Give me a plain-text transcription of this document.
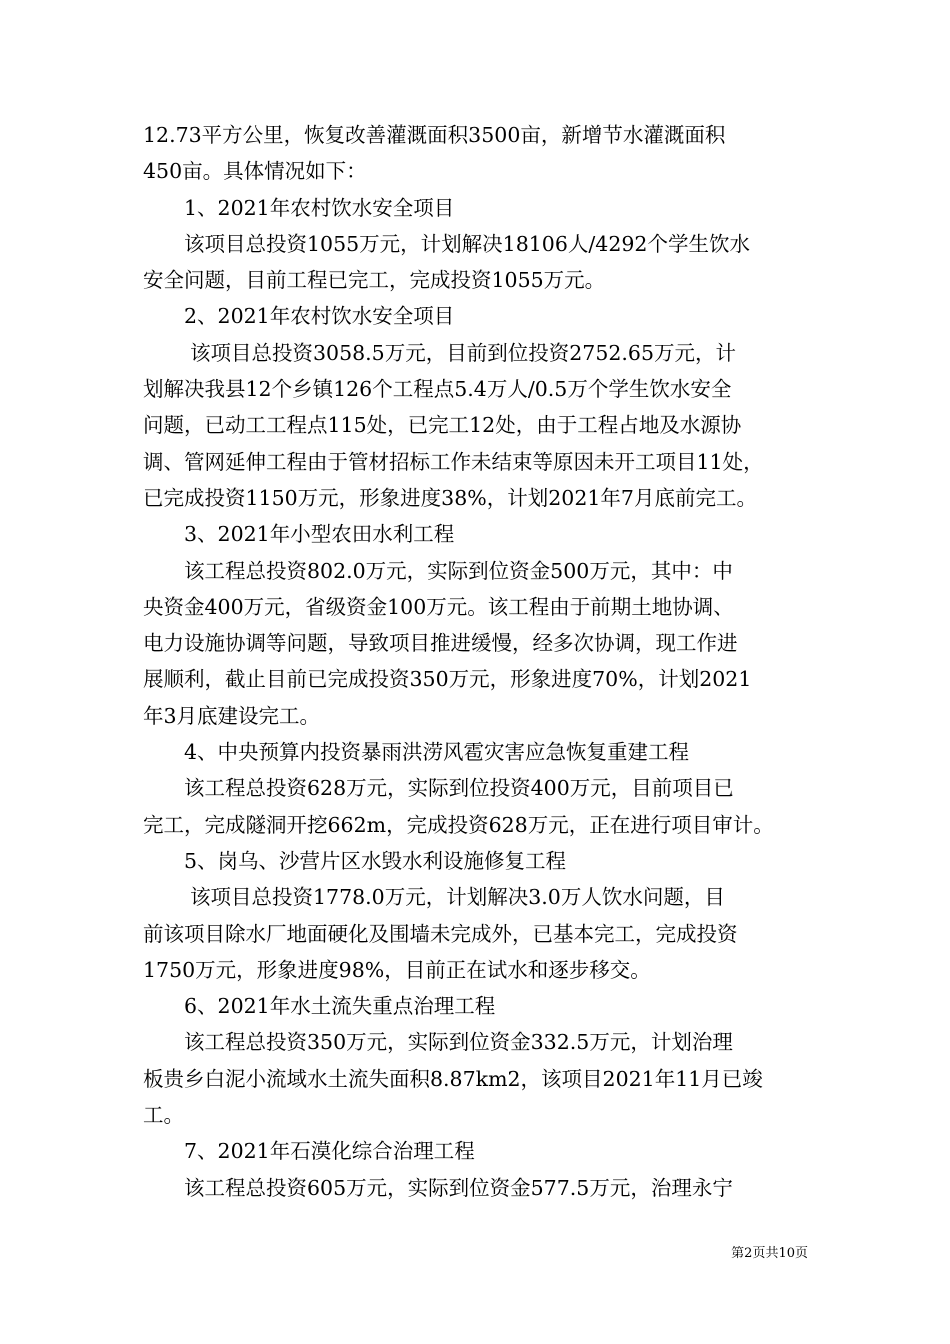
12.73平方公里，恢复改善灌溉面积3500亩，新增节水灌溉面积

450亩。具体情况如下：

1、2021年农村饮水安全项目

该项目总投资1055万元，计划解决18106人/4292个学生饮水

安全问题，目前工程已完工，完成投资1055万元。

2、2021年农村饮水安全项目

该项目总投资3058.5万元，目前到位投资2752.65万元，计

划解决我县12个乡镇126个工程点5.4万人/0.5万个学生饮水安全

问题，已动工工程点115处，已完工12处，由于工程占地及水源协

调、管网延伸工程由于管材招标工作未结束等原因未开工项目11处，

已完成投资1150万元，形象进度38%，计划2021年7月底前完工。

3、2021年小型农田水利工程

该工程总投资802.0万元，实际到位资金500万元，其中：中

央资金400万元，省级资金100万元。该工程由于前期土地协调、

电力设施协调等问题，导致项目推进缓慢，经多次协调，现工作进

展顺利，截止目前已完成投资350万元，形象进度70%，计划2021

年3月底建设完工。

4、中央预算内投资暴雨洪涝风雹灾害应急恢复重建工程

该工程总投资628万元，实际到位投资400万元，目前项目已

完工，完成隧洞开挖662m，完成投资628万元，正在进行项目审计。

5、岗乌、沙营片区水毁水利设施修复工程

该项目总投资1778.0万元，计划解决3.0万人饮水问题，目

前该项目除水厂地面硬化及围墙未完成外，已基本完工，完成投资

1750万元，形象进度98%，目前正在试水和逐步移交。

6、2021年水土流失重点治理工程

该工程总投资350万元，实际到位资金332.5万元，计划治理

板贵乡白泥小流域水土流失面积8.87km2，该项目2021年11月已竣

工。

7、2021年石漠化综合治理工程

该工程总投资605万元，实际到位资金577.5万元，治理永宁

第2页共10页
